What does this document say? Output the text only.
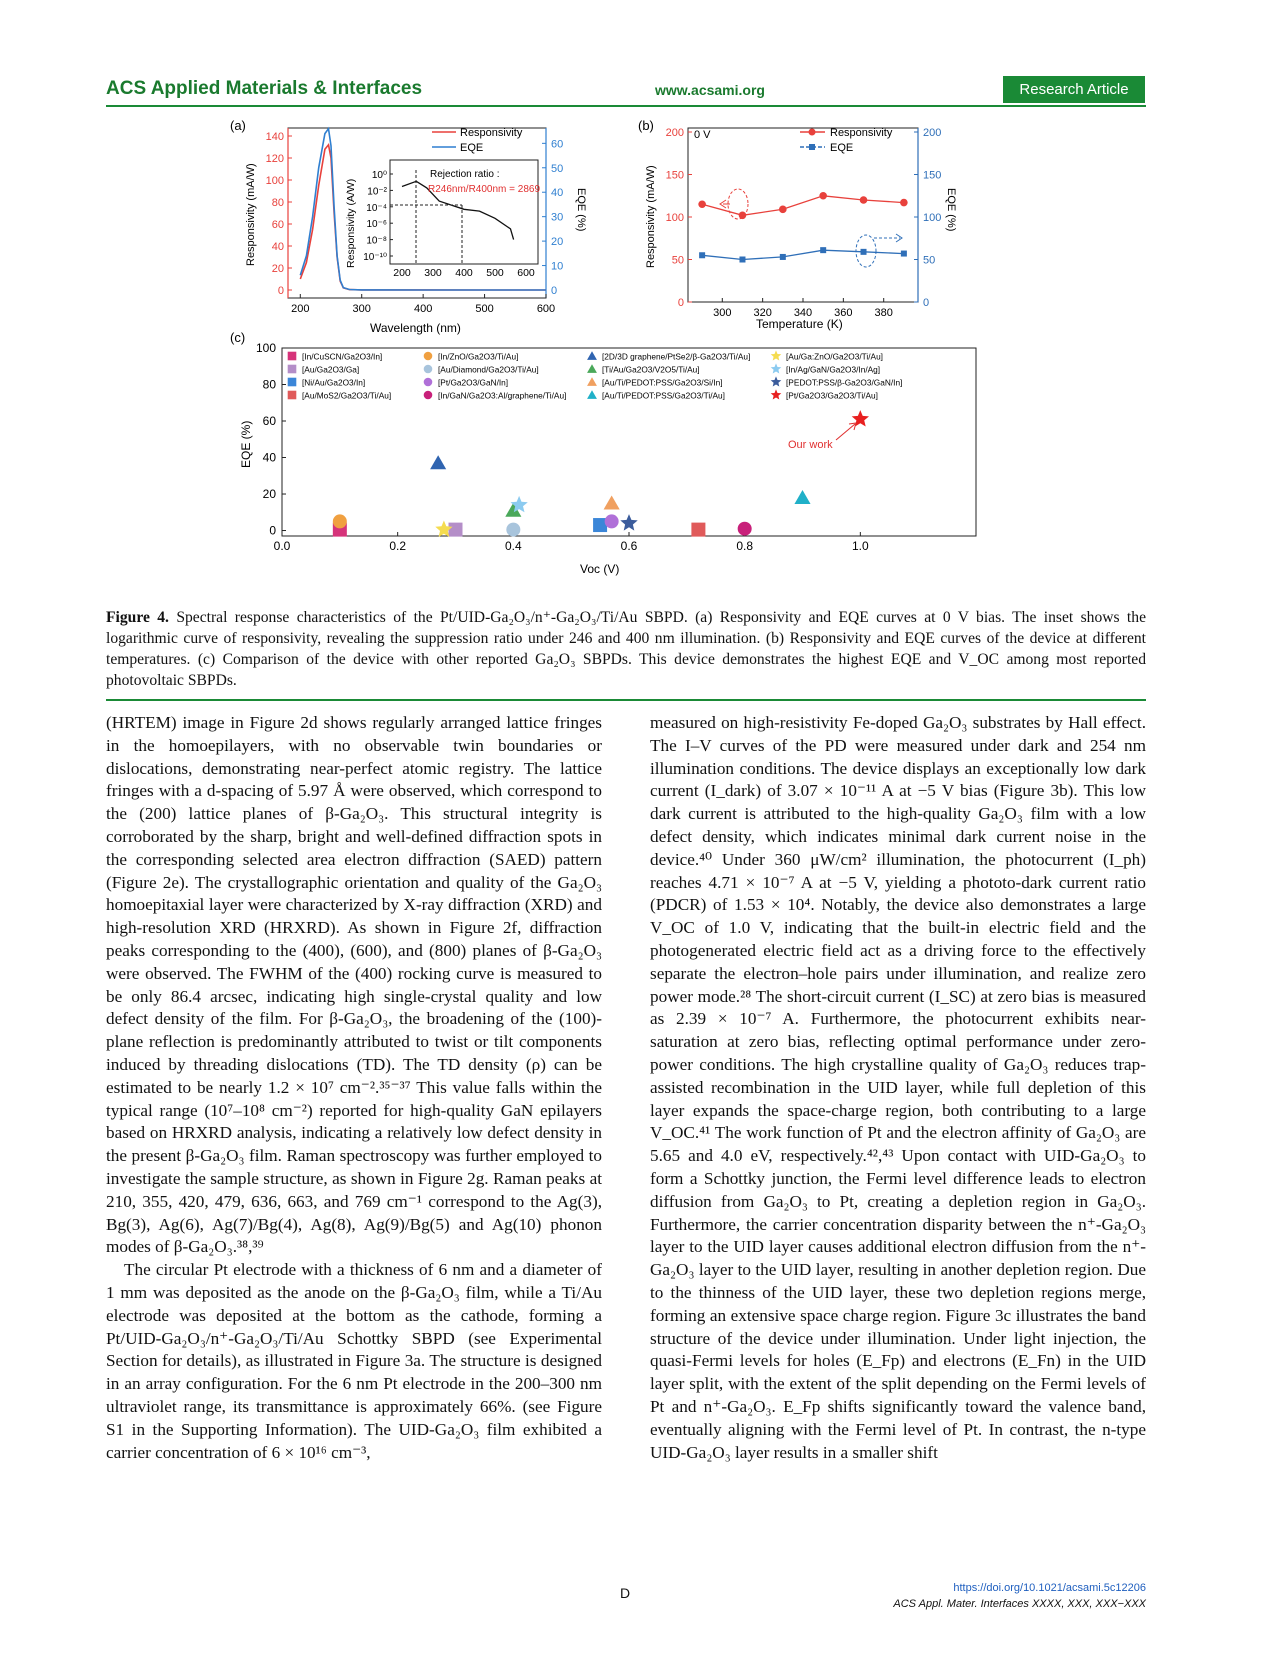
ACS Applied Materials & Interfaces	www.acsami.org	Research Article
(a)
0
20
40
60
80
100
120
140
0
10
20
30
40
50
60
200	300	400	500	600
Responsivity (mA/W)	EQE (%)
Wavelength (nm)
Responsivity
EQE
10⁻¹⁰
10⁻⁸
10⁻⁶
10⁻⁴
10⁻²
10⁰
200 300 400 500 600
Responsivity (A/W)
Rejection ratio :
R246nm/R400nm = 2869
(b)
0 V
0
50
100
150
200
0
50
100
150
200
300 320 340 360 380
Responsivity (mA/W)	EQE (%)
Temperature (K)
Responsivity
EQE
(c)
0
20
40
60
80
100
0.0	0.2	0.4	0.6	0.8	1.0
EQE (%)
Voc (V)
[In/CuSCN/Ga2O3/In]
[Au/Ga2O3/Ga]
[Ni/Au/Ga2O3/In]
[Au/MoS2/Ga2O3/Ti/Au]
[In/ZnO/Ga2O3/Ti/Au]
[Au/Diamond/Ga2O3/Ti/Au]
[Pt/Ga2O3/GaN/In]
[In/GaN/Ga2O3:Al/graphene/Ti/Au]
[2D/3D graphene/PtSe2/β-Ga2O3/Ti/Au]
[Ti/Au/Ga2O3/V2O5/Ti/Au]
[Au/Ti/PEDOT:PSS/Ga2O3/Si/In]
[Au/Ti/PEDOT:PSS/Ga2O3/Ti/Au]
[Au/Ga:ZnO/Ga2O3/Ti/Au]
[In/Ag/GaN/Ga2O3/In/Ag]
[PEDOT:PSS/β-Ga2O3/GaN/In]
[Pt/Ga2O3/Ga2O3/Ti/Au]
Our work
Figure 4. Spectral response characteristics of the Pt/UID-Ga₂O₃/n⁺-Ga₂O₃/Ti/Au SBPD. (a) Responsivity and EQE curves at 0 V bias. The inset shows the logarithmic curve of responsivity, revealing the suppression ratio under 246 and 400 nm illumination. (b) Responsivity and EQE curves of the device at different temperatures. (c) Comparison of the device with other reported Ga₂O₃ SBPDs. This device demonstrates the highest EQE and V_OC among most reported photovoltaic SBPDs.

(HRTEM) image in Figure 2d shows regularly arranged lattice fringes in the homoepilayers, with no observable twin boundaries or dislocations, demonstrating near-perfect atomic registry. The lattice fringes with a d-spacing of 5.97 Å were observed, which correspond to the (200) lattice planes of β-Ga₂O₃. This structural integrity is corroborated by the sharp, bright and well-defined diffraction spots in the corresponding selected area electron diffraction (SAED) pattern (Figure 2e). The crystallographic orientation and quality of the Ga₂O₃ homoepitaxial layer were characterized by X-ray diffraction (XRD) and high-resolution XRD (HRXRD). As shown in Figure 2f, diffraction peaks corresponding to the (400), (600), and (800) planes of β-Ga₂O₃ were observed. The FWHM of the (400) rocking curve is measured to be only 86.4 arcsec, indicating high single-crystal quality and low defect density of the film. For β-Ga₂O₃, the broadening of the (100)-plane reflection is predominantly attributed to twist or tilt components induced by threading dislocations (TD). The TD density (ρ) can be estimated to be nearly 1.2 × 10⁷ cm⁻².³⁵⁻³⁷ This value falls within the typical range (10⁷–10⁸ cm⁻²) reported for high-quality GaN epilayers based on HRXRD analysis, indicating a relatively low defect density in the present β-Ga₂O₃ film. Raman spectroscopy was further employed to investigate the sample structure, as shown in Figure 2g. Raman peaks at 210, 355, 420, 479, 636, 663, and 769 cm⁻¹ correspond to the Ag(3), Bg(3), Ag(6), Ag(7)/Bg(4), Ag(8), Ag(9)/Bg(5) and Ag(10) phonon modes of β-Ga₂O₃.³⁸,³⁹

The circular Pt electrode with a thickness of 6 nm and a diameter of 1 mm was deposited as the anode on the β-Ga₂O₃ film, while a Ti/Au electrode was deposited at the bottom as the cathode, forming a Pt/UID-Ga₂O₃/n⁺-Ga₂O₃/Ti/Au Schottky SBPD (see Experimental Section for details), as illustrated in Figure 3a. The structure is designed in an array configuration. For the 6 nm Pt electrode in the 200–300 nm ultraviolet range, its transmittance is approximately 66%. (see Figure S1 in the Supporting Information). The UID-Ga₂O₃ film exhibited a carrier concentration of 6 × 10¹⁶ cm⁻³,

measured on high-resistivity Fe-doped Ga₂O₃ substrates by Hall effect. The I–V curves of the PD were measured under dark and 254 nm illumination conditions. The device displays an exceptionally low dark current (I_dark) of 3.07 × 10⁻¹¹ A at −5 V bias (Figure 3b). This low dark current is attributed to the high-quality Ga₂O₃ film with a low defect density, which indicates minimal dark current noise in the device.⁴⁰ Under 360 μW/cm² illumination, the photocurrent (I_ph) reaches 4.71 × 10⁻⁷ A at −5 V, yielding a phototo-dark current ratio (PDCR) of 1.53 × 10⁴. Notably, the device also demonstrates a large V_OC of 1.0 V, indicating that the built-in electric field and the photogenerated electric field act as a driving force to the effectively separate the electron–hole pairs under illumination, and realize zero power mode.²⁸ The short-circuit current (I_SC) at zero bias is measured as 2.39 × 10⁻⁷ A. Furthermore, the photocurrent exhibits near-saturation at zero bias, reflecting optimal performance under zero-power conditions. The high crystalline quality of Ga₂O₃ reduces trap-assisted recombination in the UID layer, while full depletion of this layer expands the space-charge region, both contributing to a large V_OC.⁴¹ The work function of Pt and the electron affinity of Ga₂O₃ are 5.65 and 4.0 eV, respectively.⁴²,⁴³ Upon contact with UID-Ga₂O₃ to form a Schottky junction, the Fermi level difference leads to electron diffusion from Ga₂O₃ to Pt, creating a depletion region in Ga₂O₃. Furthermore, the carrier concentration disparity between the n⁺-Ga₂O₃ layer to the UID layer causes additional electron diffusion from the n⁺-Ga₂O₃ layer to the UID layer, resulting in another depletion region. Due to the thinness of the UID layer, these two depletion regions merge, forming an extensive space charge region. Figure 3c illustrates the band structure of the device under illumination. Under light injection, the quasi-Fermi levels for holes (E_Fp) and electrons (E_Fn) in the UID layer split, with the extent of the split depending on the Fermi levels of Pt and n⁺-Ga₂O₃. E_Fp shifts significantly toward the valence band, eventually aligning with the Fermi level of Pt. In contrast, the n-type UID-Ga₂O₃ layer results in a smaller shift

D	https://doi.org/10.1021/acsami.5c12206
ACS Appl. Mater. Interfaces XXXX, XXX, XXX−XXX
